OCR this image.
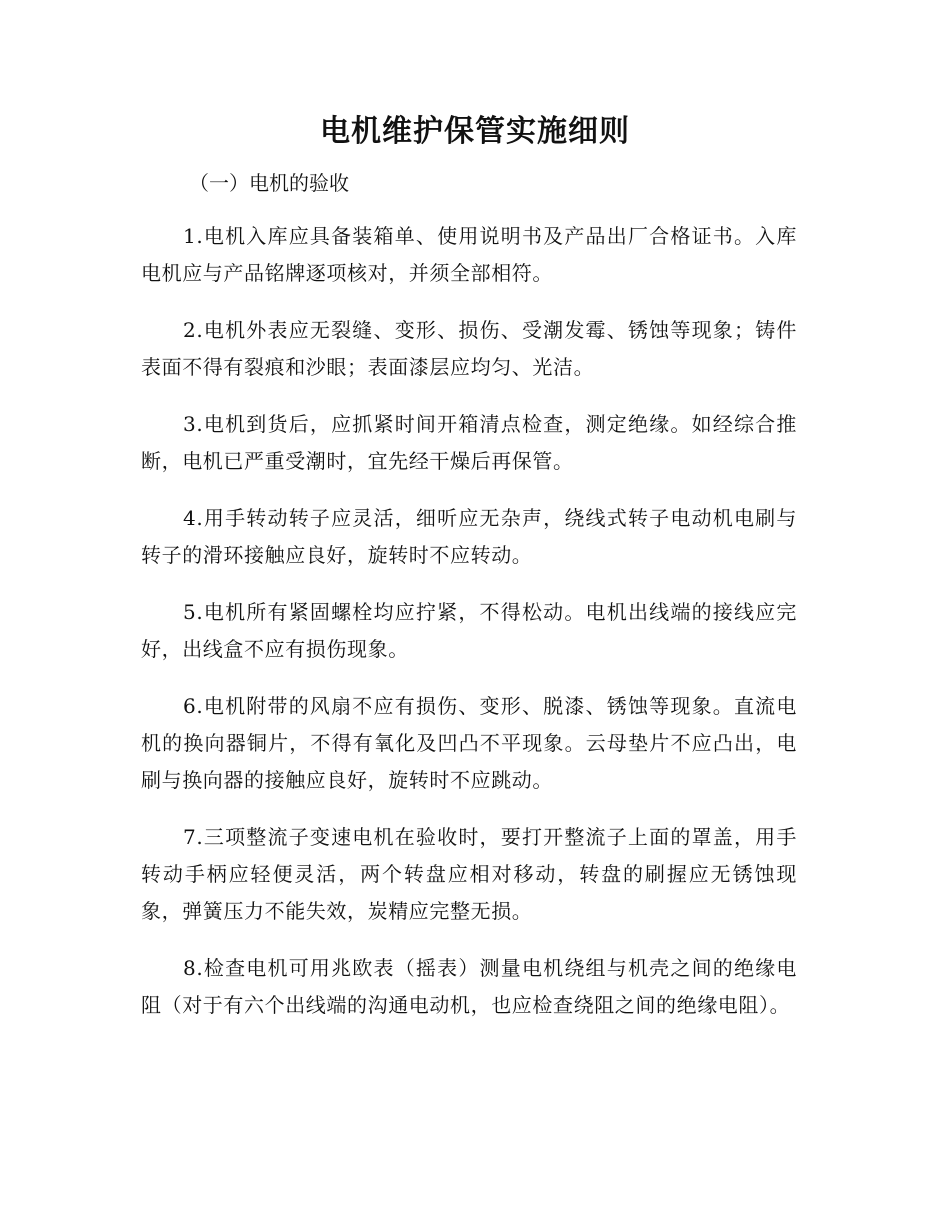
电机维护保管实施细则

（一）电机的验收

1.电机入库应具备装箱单、使用说明书及产品出厂合格证书。入库电机应与产品铭牌逐项核对，并须全部相符。

2.电机外表应无裂缝、变形、损伤、受潮发霉、锈蚀等现象；铸件表面不得有裂痕和沙眼；表面漆层应均匀、光洁。

3.电机到货后，应抓紧时间开箱清点检查，测定绝缘。如经综合推断，电机已严重受潮时，宜先经干燥后再保管。

4.用手转动转子应灵活，细听应无杂声，绕线式转子电动机电刷与转子的滑环接触应良好，旋转时不应转动。

5.电机所有紧固螺栓均应拧紧，不得松动。电机出线端的接线应完好，出线盒不应有损伤现象。

6.电机附带的风扇不应有损伤、变形、脱漆、锈蚀等现象。直流电机的换向器铜片，不得有氧化及凹凸不平现象。云母垫片不应凸出，电刷与换向器的接触应良好，旋转时不应跳动。

7.三项整流子变速电机在验收时，要打开整流子上面的罩盖，用手转动手柄应轻便灵活，两个转盘应相对移动，转盘的刷握应无锈蚀现象，弹簧压力不能失效，炭精应完整无损。

8.检查电机可用兆欧表（摇表）测量电机绕组与机壳之间的绝缘电阻（对于有六个出线端的沟通电动机，也应检查绕阻之间的绝缘电阻）。
